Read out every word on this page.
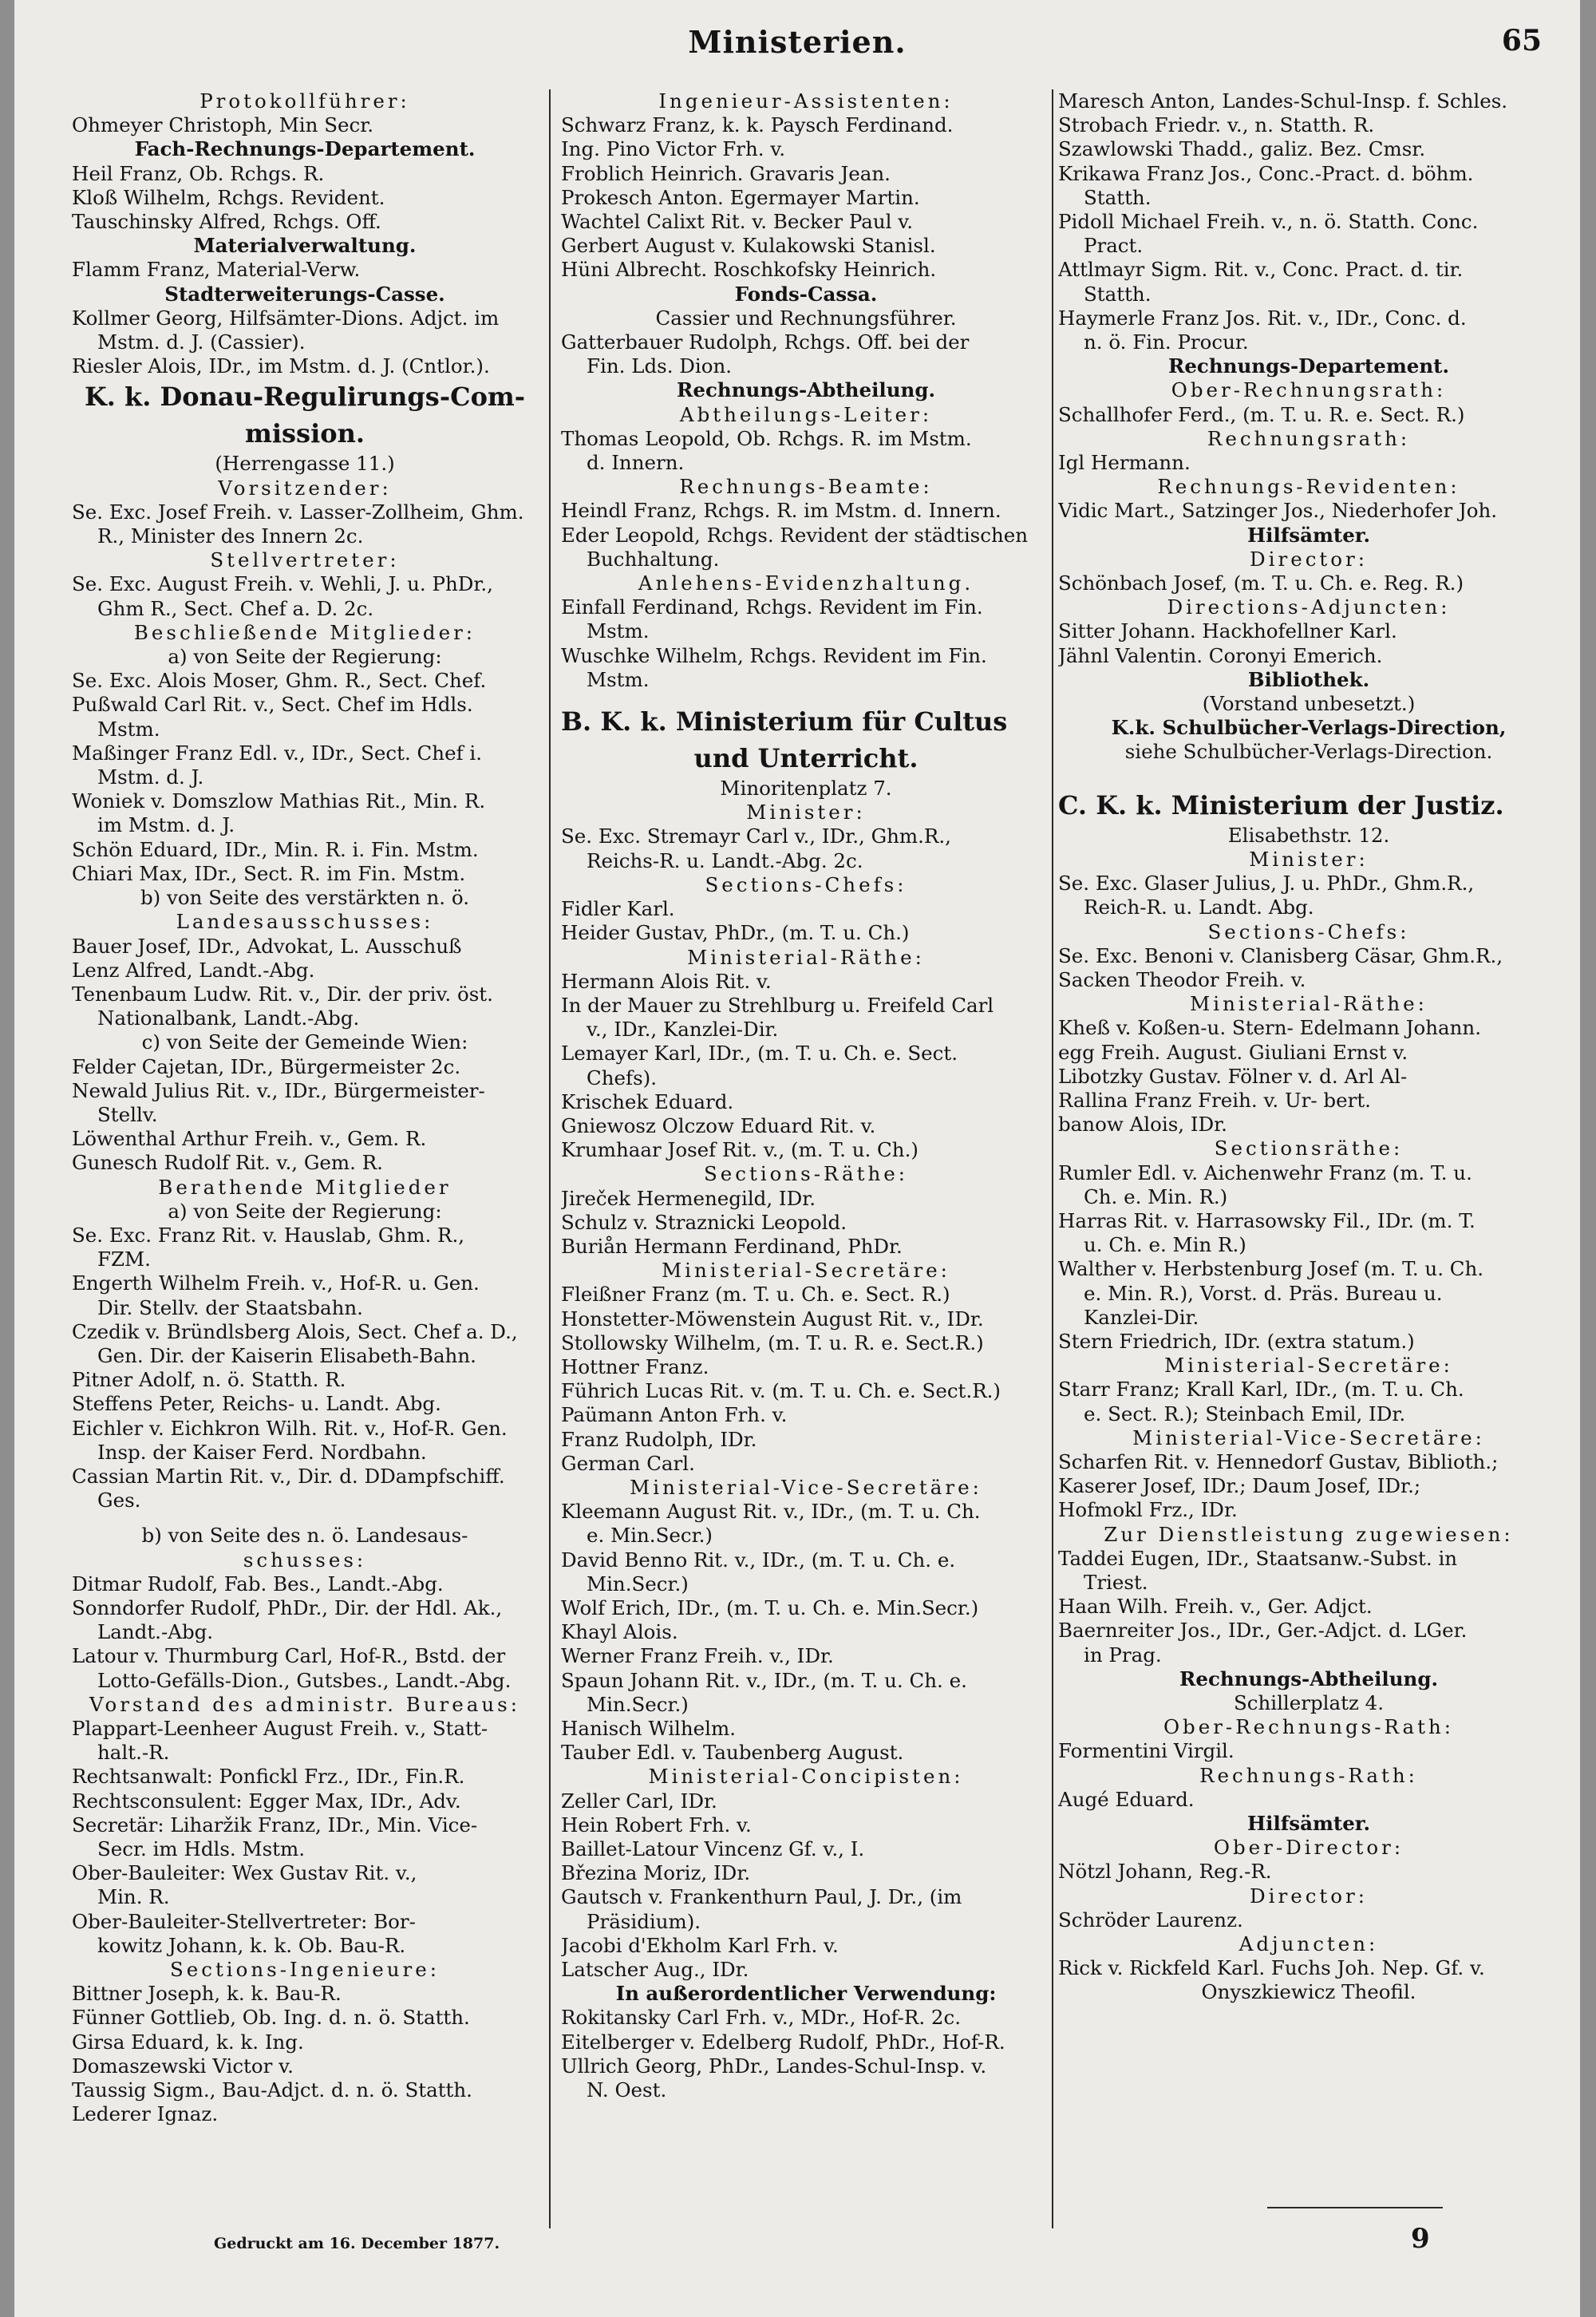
Ministerien.	65
Protokollführer:
Ohmeyer Christoph, Min Secr.
Fach-Rechnungs-Departement.
Heil Franz, Ob. Rchgs. R.
Kloß Wilhelm, Rchgs. Revident.
Tauschinsky Alfred, Rchgs. Off.
Materialverwaltung.
Flamm Franz, Material-Verw.
Stadterweiterungs-Casse.
Kollmer Georg, Hilfsämter-Dions. Adjct. im
Mstm. d. J. (Cassier).
Riesler Alois, IDr., im Mstm. d. J. (Cntlor.).
K. k. Donau-Regulirungs-Com-
mission.
(Herrengasse 11.)
Vorsitzender:
Se. Exc. Josef Freih. v. Lasser-Zollheim, Ghm.
R., Minister des Innern 2c.
Stellvertreter:
Se. Exc. August Freih. v. Wehli, J. u. PhDr.,
Ghm R., Sect. Chef a. D. 2c.
Beschließende Mitglieder:
a) von Seite der Regierung:
Se. Exc. Alois Moser, Ghm. R., Sect. Chef.
Pußwald Carl Rit. v., Sect. Chef im Hdls.
Mstm.
Maßinger Franz Edl. v., IDr., Sect. Chef i.
Mstm. d. J.
Woniek v. Domszlow Mathias Rit., Min. R.
im Mstm. d. J.
Schön Eduard, IDr., Min. R. i. Fin. Mstm.
Chiari Max, IDr., Sect. R. im Fin. Mstm.
b) von Seite des verstärkten n. ö.
Landesausschusses:
Bauer Josef, IDr., Advokat, L. Ausschuß
Lenz Alfred, Landt.-Abg.
Tenenbaum Ludw. Rit. v., Dir. der priv. öst.
Nationalbank, Landt.-Abg.
c) von Seite der Gemeinde Wien:
Felder Cajetan, IDr., Bürgermeister 2c.
Newald Julius Rit. v., IDr., Bürgermeister-
Stellv.
Löwenthal Arthur Freih. v., Gem. R.
Gunesch Rudolf Rit. v., Gem. R.
Berathende Mitglieder
a) von Seite der Regierung:
Se. Exc. Franz Rit. v. Hauslab, Ghm. R.,
FZM.
Engerth Wilhelm Freih. v., Hof-R. u. Gen.
Dir. Stellv. der Staatsbahn.
Czedik v. Bründlsberg Alois, Sect. Chef a. D.,
Gen. Dir. der Kaiserin Elisabeth-Bahn.
Pitner Adolf, n. ö. Statth. R.
Steffens Peter, Reichs- u. Landt. Abg.
Eichler v. Eichkron Wilh. Rit. v., Hof-R. Gen.
Insp. der Kaiser Ferd. Nordbahn.
Cassian Martin Rit. v., Dir. d. DDampfschiff.
Ges.
b) von Seite des n. ö. Landesaus-
schusses:
Ditmar Rudolf, Fab. Bes., Landt.-Abg.
Sonndorfer Rudolf, PhDr., Dir. der Hdl. Ak.,
Landt.-Abg.
Latour v. Thurmburg Carl, Hof-R., Bstd. der
Lotto-Gefälls-Dion., Gutsbes., Landt.-Abg.
Vorstand des administr. Bureaus:
Plappart-Leenheer August Freih. v., Statt-
halt.-R.
Rechtsanwalt: Ponfickl Frz., IDr., Fin.R.
Rechtsconsulent: Egger Max, IDr., Adv.
Secretär: Liharžik Franz, IDr., Min. Vice-
Secr. im Hdls. Mstm.
Ober-Bauleiter: Wex Gustav Rit. v.,
Min. R.
Ober-Bauleiter-Stellvertreter: Bor-
kowitz Johann, k. k. Ob. Bau-R.
Sections-Ingenieure:
Bittner Joseph, k. k. Bau-R.
Fünner Gottlieb, Ob. Ing. d. n. ö. Statth.
Girsa Eduard, k. k. Ing.
Domaszewski Victor v.
Taussig Sigm., Bau-Adjct. d. n. ö. Statth.
Lederer Ignaz.
Ingenieur-Assistenten:
Schwarz Franz, k. k. Paysch Ferdinand.
Ing. Pino Victor Frh. v.
Froblich Heinrich. Gravaris Jean.
Prokesch Anton. Egermayer Martin.
Wachtel Calixt Rit. v. Becker Paul v.
Gerbert August v. Kulakowski Stanisl.
Hüni Albrecht. Roschkofsky Heinrich.
Fonds-Cassa.
Cassier und Rechnungsführer.
Gatterbauer Rudolph, Rchgs. Off. bei der
Fin. Lds. Dion.
Rechnungs-Abtheilung.
Abtheilungs-Leiter:
Thomas Leopold, Ob. Rchgs. R. im Mstm.
d. Innern.
Rechnungs-Beamte:
Heindl Franz, Rchgs. R. im Mstm. d. Innern.
Eder Leopold, Rchgs. Revident der städtischen
Buchhaltung.
Anlehens-Evidenzhaltung.
Einfall Ferdinand, Rchgs. Revident im Fin.
Mstm.
Wuschke Wilhelm, Rchgs. Revident im Fin.
Mstm.
B. K. k. Ministerium für Cultus
und Unterricht.
Minoritenplatz 7.
Minister:
Se. Exc. Stremayr Carl v., IDr., Ghm.R.,
Reichs-R. u. Landt.-Abg. 2c.
Sections-Chefs:
Fidler Karl.
Heider Gustav, PhDr., (m. T. u. Ch.)
Ministerial-Räthe:
Hermann Alois Rit. v.
In der Mauer zu Strehlburg u. Freifeld Carl
v., IDr., Kanzlei-Dir.
Lemayer Karl, IDr., (m. T. u. Ch. e. Sect.
Chefs).
Krischek Eduard.
Gniewosz Olczow Eduard Rit. v.
Krumhaar Josef Rit. v., (m. T. u. Ch.)
Sections-Räthe:
Jireček Hermenegild, IDr.
Schulz v. Straznicki Leopold.
Buriån Hermann Ferdinand, PhDr.
Ministerial-Secretäre:
Fleißner Franz (m. T. u. Ch. e. Sect. R.)
Honstetter-Möwenstein August Rit. v., IDr.
Stollowsky Wilhelm, (m. T. u. R. e. Sect.R.)
Hottner Franz.
Führich Lucas Rit. v. (m. T. u. Ch. e. Sect.R.)
Paümann Anton Frh. v.
Franz Rudolph, IDr.
German Carl.
Ministerial-Vice-Secretäre:
Kleemann August Rit. v., IDr., (m. T. u. Ch.
e. Min.Secr.)
David Benno Rit. v., IDr., (m. T. u. Ch. e.
Min.Secr.)
Wolf Erich, IDr., (m. T. u. Ch. e. Min.Secr.)
Khayl Alois.
Werner Franz Freih. v., IDr.
Spaun Johann Rit. v., IDr., (m. T. u. Ch. e.
Min.Secr.)
Hanisch Wilhelm.
Tauber Edl. v. Taubenberg August.
Ministerial-Concipisten:
Zeller Carl, IDr.
Hein Robert Frh. v.
Baillet-Latour Vincenz Gf. v., I.
Březina Moriz, IDr.
Gautsch v. Frankenthurn Paul, J. Dr., (im
Präsidium).
Jacobi d'Ekholm Karl Frh. v.
Latscher Aug., IDr.
In außerordentlicher Verwendung:
Rokitansky Carl Frh. v., MDr., Hof-R. 2c.
Eitelberger v. Edelberg Rudolf, PhDr., Hof-R.
Ullrich Georg, PhDr., Landes-Schul-Insp. v.
N. Oest.
Maresch Anton, Landes-Schul-Insp. f. Schles.
Strobach Friedr. v., n. Statth. R.
Szawlowski Thadd., galiz. Bez. Cmsr.
Krikawa Franz Jos., Conc.-Pract. d. böhm.
Statth.
Pidoll Michael Freih. v., n. ö. Statth. Conc.
Pract.
Attlmayr Sigm. Rit. v., Conc. Pract. d. tir.
Statth.
Haymerle Franz Jos. Rit. v., IDr., Conc. d.
n. ö. Fin. Procur.
Rechnungs-Departement.
Ober-Rechnungsrath:
Schallhofer Ferd., (m. T. u. R. e. Sect. R.)
Rechnungsrath:
Igl Hermann.
Rechnungs-Revidenten:
Vidic Mart., Satzinger Jos., Niederhofer Joh.
Hilfsämter.
Director:
Schönbach Josef, (m. T. u. Ch. e. Reg. R.)
Directions-Adjuncten:
Sitter Johann. Hackhofellner Karl.
Jähnl Valentin. Coronyi Emerich.
Bibliothek.
(Vorstand unbesetzt.)
K.k. Schulbücher-Verlags-Direction,
siehe Schulbücher-Verlags-Direction.
C. K. k. Ministerium der Justiz.
Elisabethstr. 12.
Minister:
Se. Exc. Glaser Julius, J. u. PhDr., Ghm.R.,
Reich-R. u. Landt. Abg.
Sections-Chefs:
Se. Exc. Benoni v. Clanisberg Cäsar, Ghm.R.,
Sacken Theodor Freih. v.
Ministerial-Räthe:
Kheß v. Koßen-u. Stern- Edelmann Johann.
egg Freih. August. Giuliani Ernst v.
Libotzky Gustav. Fölner v. d. Arl Al-
Rallina Franz Freih. v. Ur- bert.
banow Alois, IDr.
Sectionsräthe:
Rumler Edl. v. Aichenwehr Franz (m. T. u.
Ch. e. Min. R.)
Harras Rit. v. Harrasowsky Fil., IDr. (m. T.
u. Ch. e. Min R.)
Walther v. Herbstenburg Josef (m. T. u. Ch.
e. Min. R.), Vorst. d. Präs. Bureau u.
Kanzlei-Dir.
Stern Friedrich, IDr. (extra statum.)
Ministerial-Secretäre:
Starr Franz; Krall Karl, IDr., (m. T. u. Ch.
e. Sect. R.); Steinbach Emil, IDr.
Ministerial-Vice-Secretäre:
Scharfen Rit. v. Hennedorf Gustav, Biblioth.;
Kaserer Josef, IDr.; Daum Josef, IDr.;
Hofmokl Frz., IDr.
Zur Dienstleistung zugewiesen:
Taddei Eugen, IDr., Staatsanw.-Subst. in
Triest.
Haan Wilh. Freih. v., Ger. Adjct.
Baernreiter Jos., IDr., Ger.-Adjct. d. LGer.
in Prag.
Rechnungs-Abtheilung.
Schillerplatz 4.
Ober-Rechnungs-Rath:
Formentini Virgil.
Rechnungs-Rath:
Augé Eduard.
Hilfsämter.
Ober-Director:
Nötzl Johann, Reg.-R.
Director:
Schröder Laurenz.
Adjuncten:
Rick v. Rickfeld Karl. Fuchs Joh. Nep. Gf. v.
Onyszkiewicz Theofil.
Gedruckt am 16. December 1877.	9
